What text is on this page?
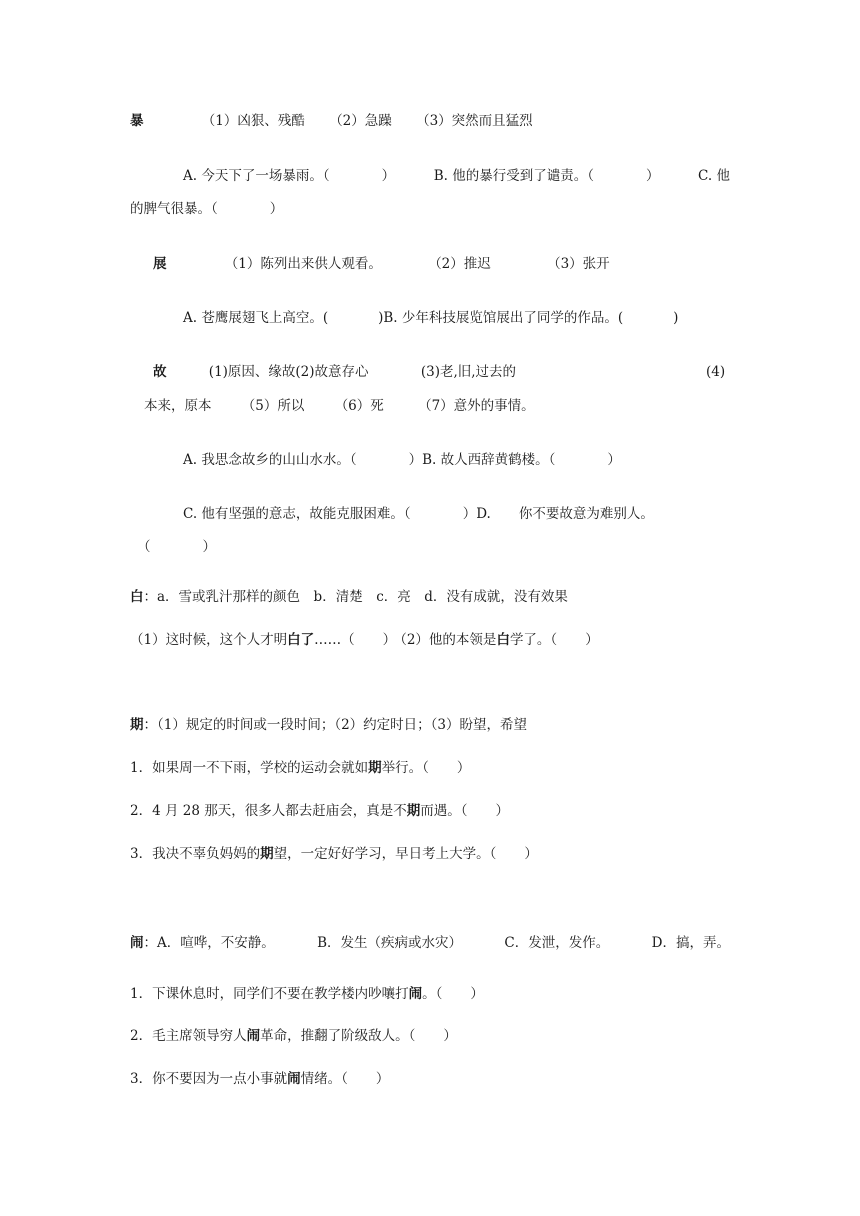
暴	（1）凶狠、残酷 （2）急躁 （3）突然而且猛烈
A. 今天下了一场暴雨。（	）	B. 他的暴行受到了谴责。（	）	C. 他
的脾气很暴。（	）
展	（1）陈列出来供人观看。	（2）推迟	（3）张开
A. 苍鹰展翅飞上高空。(	)B. 少年科技展览馆展出了同学的作品。(	)
故	(1)原因、缘故(2)故意存心	(3)老,旧,过去的	(4)
本来，原本 （5）所以 （6）死	（7）意外的事情。
A. 我思念故乡的山山水水。（	）B. 故人西辞黄鹤楼。（	）
C. 他有坚强的意志，故能克服困难。（	）D. 你不要故意为难别人。
（	）
白：a．雪或乳汁那样的颜色　b．清楚　c．亮　d．没有成就，没有效果
（1）这时候，这个人才明白了……（ ） （2）他的本领是白学了。（ ）
期：（1）规定的时间或一段时间；（2）约定时日；（3）盼望，希望
1．如果周一不下雨，学校的运动会就如期举行。（ ）
2．4 月 28 那天，很多人都去赶庙会，真是不期而遇。（ ）
3．我决不辜负妈妈的期望，一定好好学习，早日考上大学。（ ）
闹：A．喧哗，不安静。	B．发生（疾病或水灾）	C．发泄，发作。	D．搞，弄。
1．下课休息时，同学们不要在教学楼内吵嚷打闹。（ ）
2．毛主席领导穷人闹革命，推翻了阶级敌人。（ ）
3．你不要因为一点小事就闹情绪。（ ）
